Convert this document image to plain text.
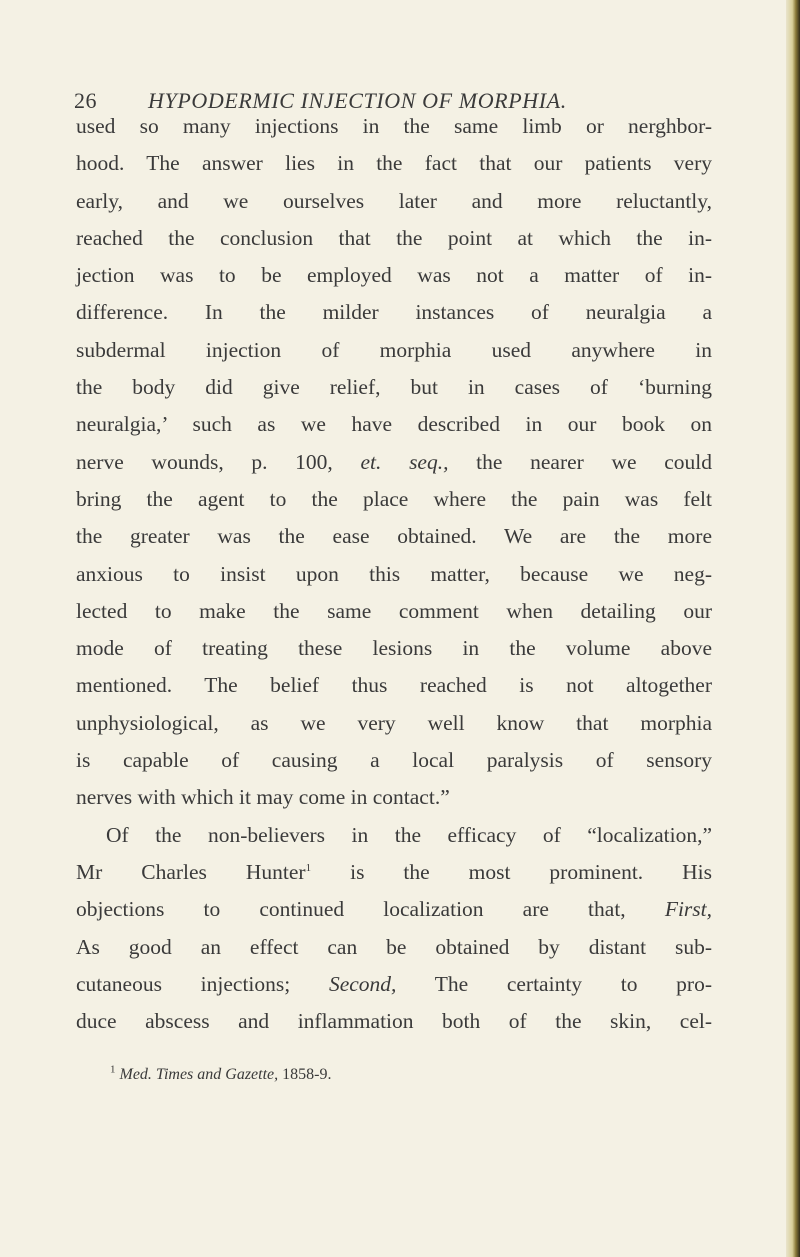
26 HYPODERMIC INJECTION OF MORPHIA.
used so many injections in the same limb or nerghbor-
hood. The answer lies in the fact that our patients very
early, and we ourselves later and more reluctantly,
reached the conclusion that the point at which the in-
jection was to be employed was not a matter of in-
difference. In the milder instances of neuralgia a
subdermal injection of morphia used anywhere in
the body did give relief, but in cases of ‘burning
neuralgia,’ such as we have described in our book on
nerve wounds, p. 100, et. seq., the nearer we could
bring the agent to the place where the pain was felt
the greater was the ease obtained. We are the more
anxious to insist upon this matter, because we neg-
lected to make the same comment when detailing our
mode of treating these lesions in the volume above
mentioned. The belief thus reached is not altogether
unphysiological, as we very well know that morphia
is capable of causing a local paralysis of sensory
nerves with which it may come in contact.”
Of the non-believers in the efficacy of “localization,”
Mr Charles Hunter$^1$ is the most prominent. His
objections to continued localization are that, First,
As good an effect can be obtained by distant sub-
cutaneous injections; Second, The certainty to pro-
duce abscess and inflammation both of the skin, cel-
$^1$ Med. Times and Gazette, 1858-9.
